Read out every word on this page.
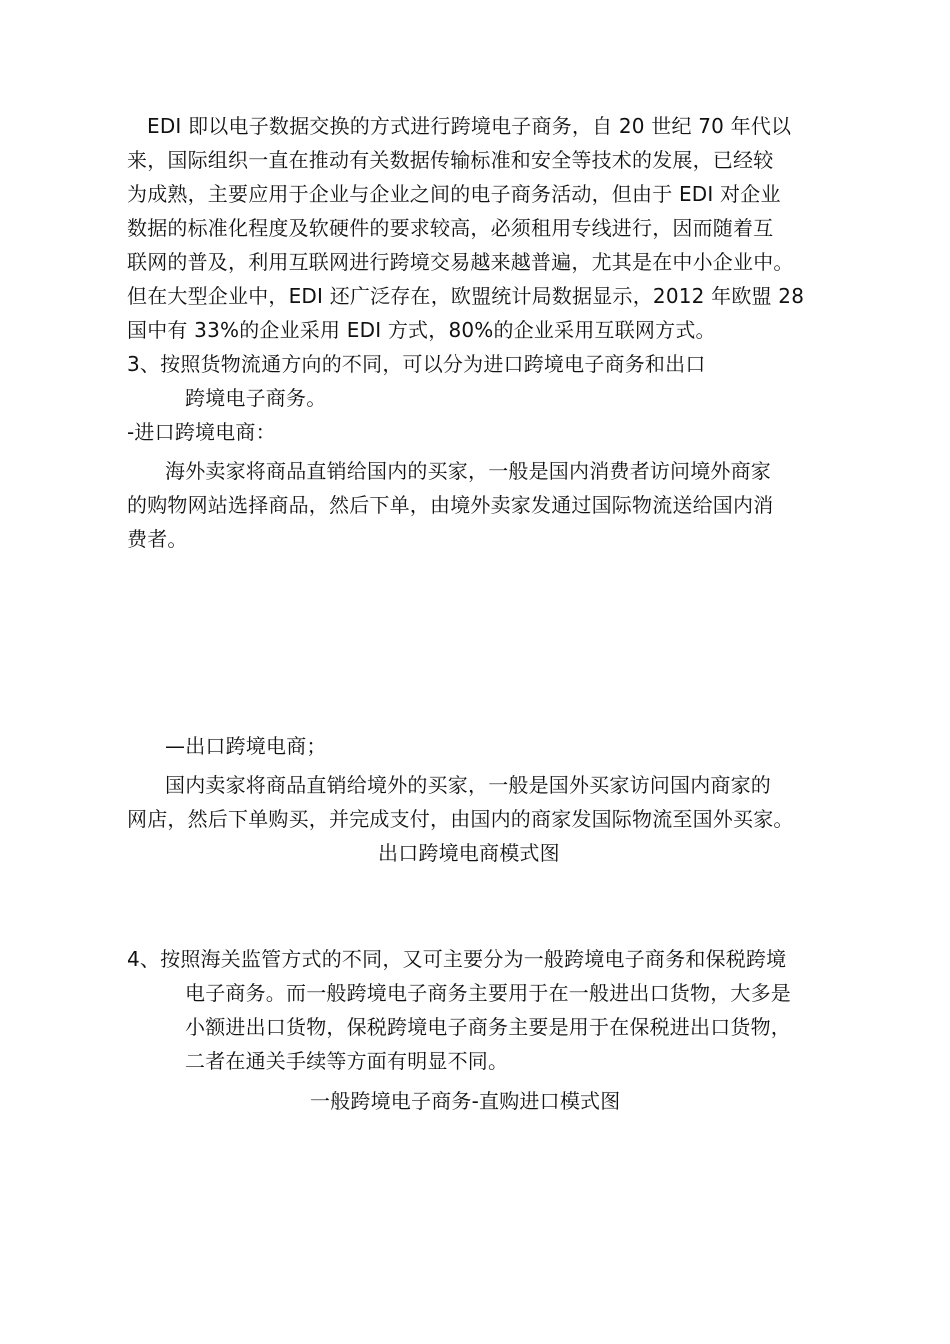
EDI 即以电子数据交换的方式进行跨境电子商务，自 20 世纪 70 年代以
来，国际组织一直在推动有关数据传输标准和安全等技术的发展，已经较
为成熟，主要应用于企业与企业之间的电子商务活动，但由于 EDI 对企业
数据的标准化程度及软硬件的要求较高，必须租用专线进行，因而随着互
联网的普及，利用互联网进行跨境交易越来越普遍，尤其是在中小企业中。
但在大型企业中，EDI 还广泛存在，欧盟统计局数据显示，2012 年欧盟 28
国中有 33%的企业采用 EDI 方式，80%的企业采用互联网方式。
3、按照货物流通方向的不同，可以分为进口跨境电子商务和出口
跨境电子商务。
-进口跨境电商：
海外卖家将商品直销给国内的买家，一般是国内消费者访问境外商家
的购物网站选择商品，然后下单，由境外卖家发通过国际物流送给国内消
费者。
—出口跨境电商；
国内卖家将商品直销给境外的买家，一般是国外买家访问国内商家的
网店，然后下单购买，并完成支付，由国内的商家发国际物流至国外买家。
出口跨境电商模式图
4、按照海关监管方式的不同，又可主要分为一般跨境电子商务和保税跨境
电子商务。而一般跨境电子商务主要用于在一般进出口货物，大多是
小额进出口货物，保税跨境电子商务主要是用于在保税进出口货物，
二者在通关手续等方面有明显不同。
一般跨境电子商务-直购进口模式图
